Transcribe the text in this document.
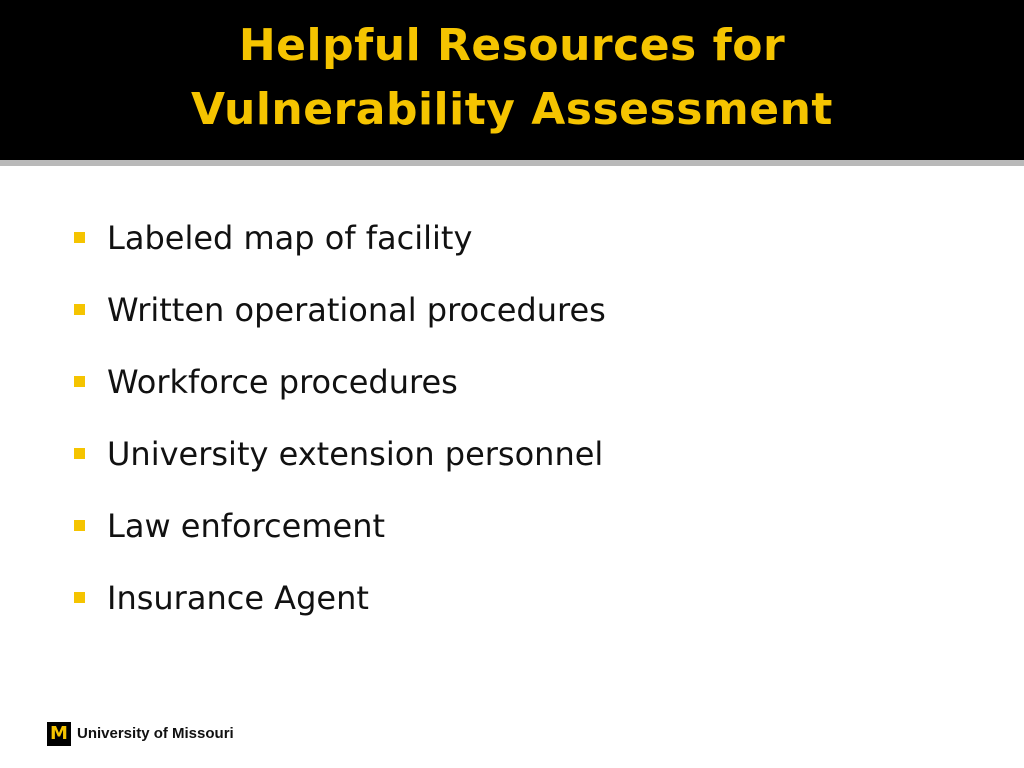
Helpful Resources for
Vulnerability Assessment
Labeled map of facility
Written operational procedures
Workforce procedures
University extension personnel
Law enforcement
Insurance Agent
M University of Missouri
